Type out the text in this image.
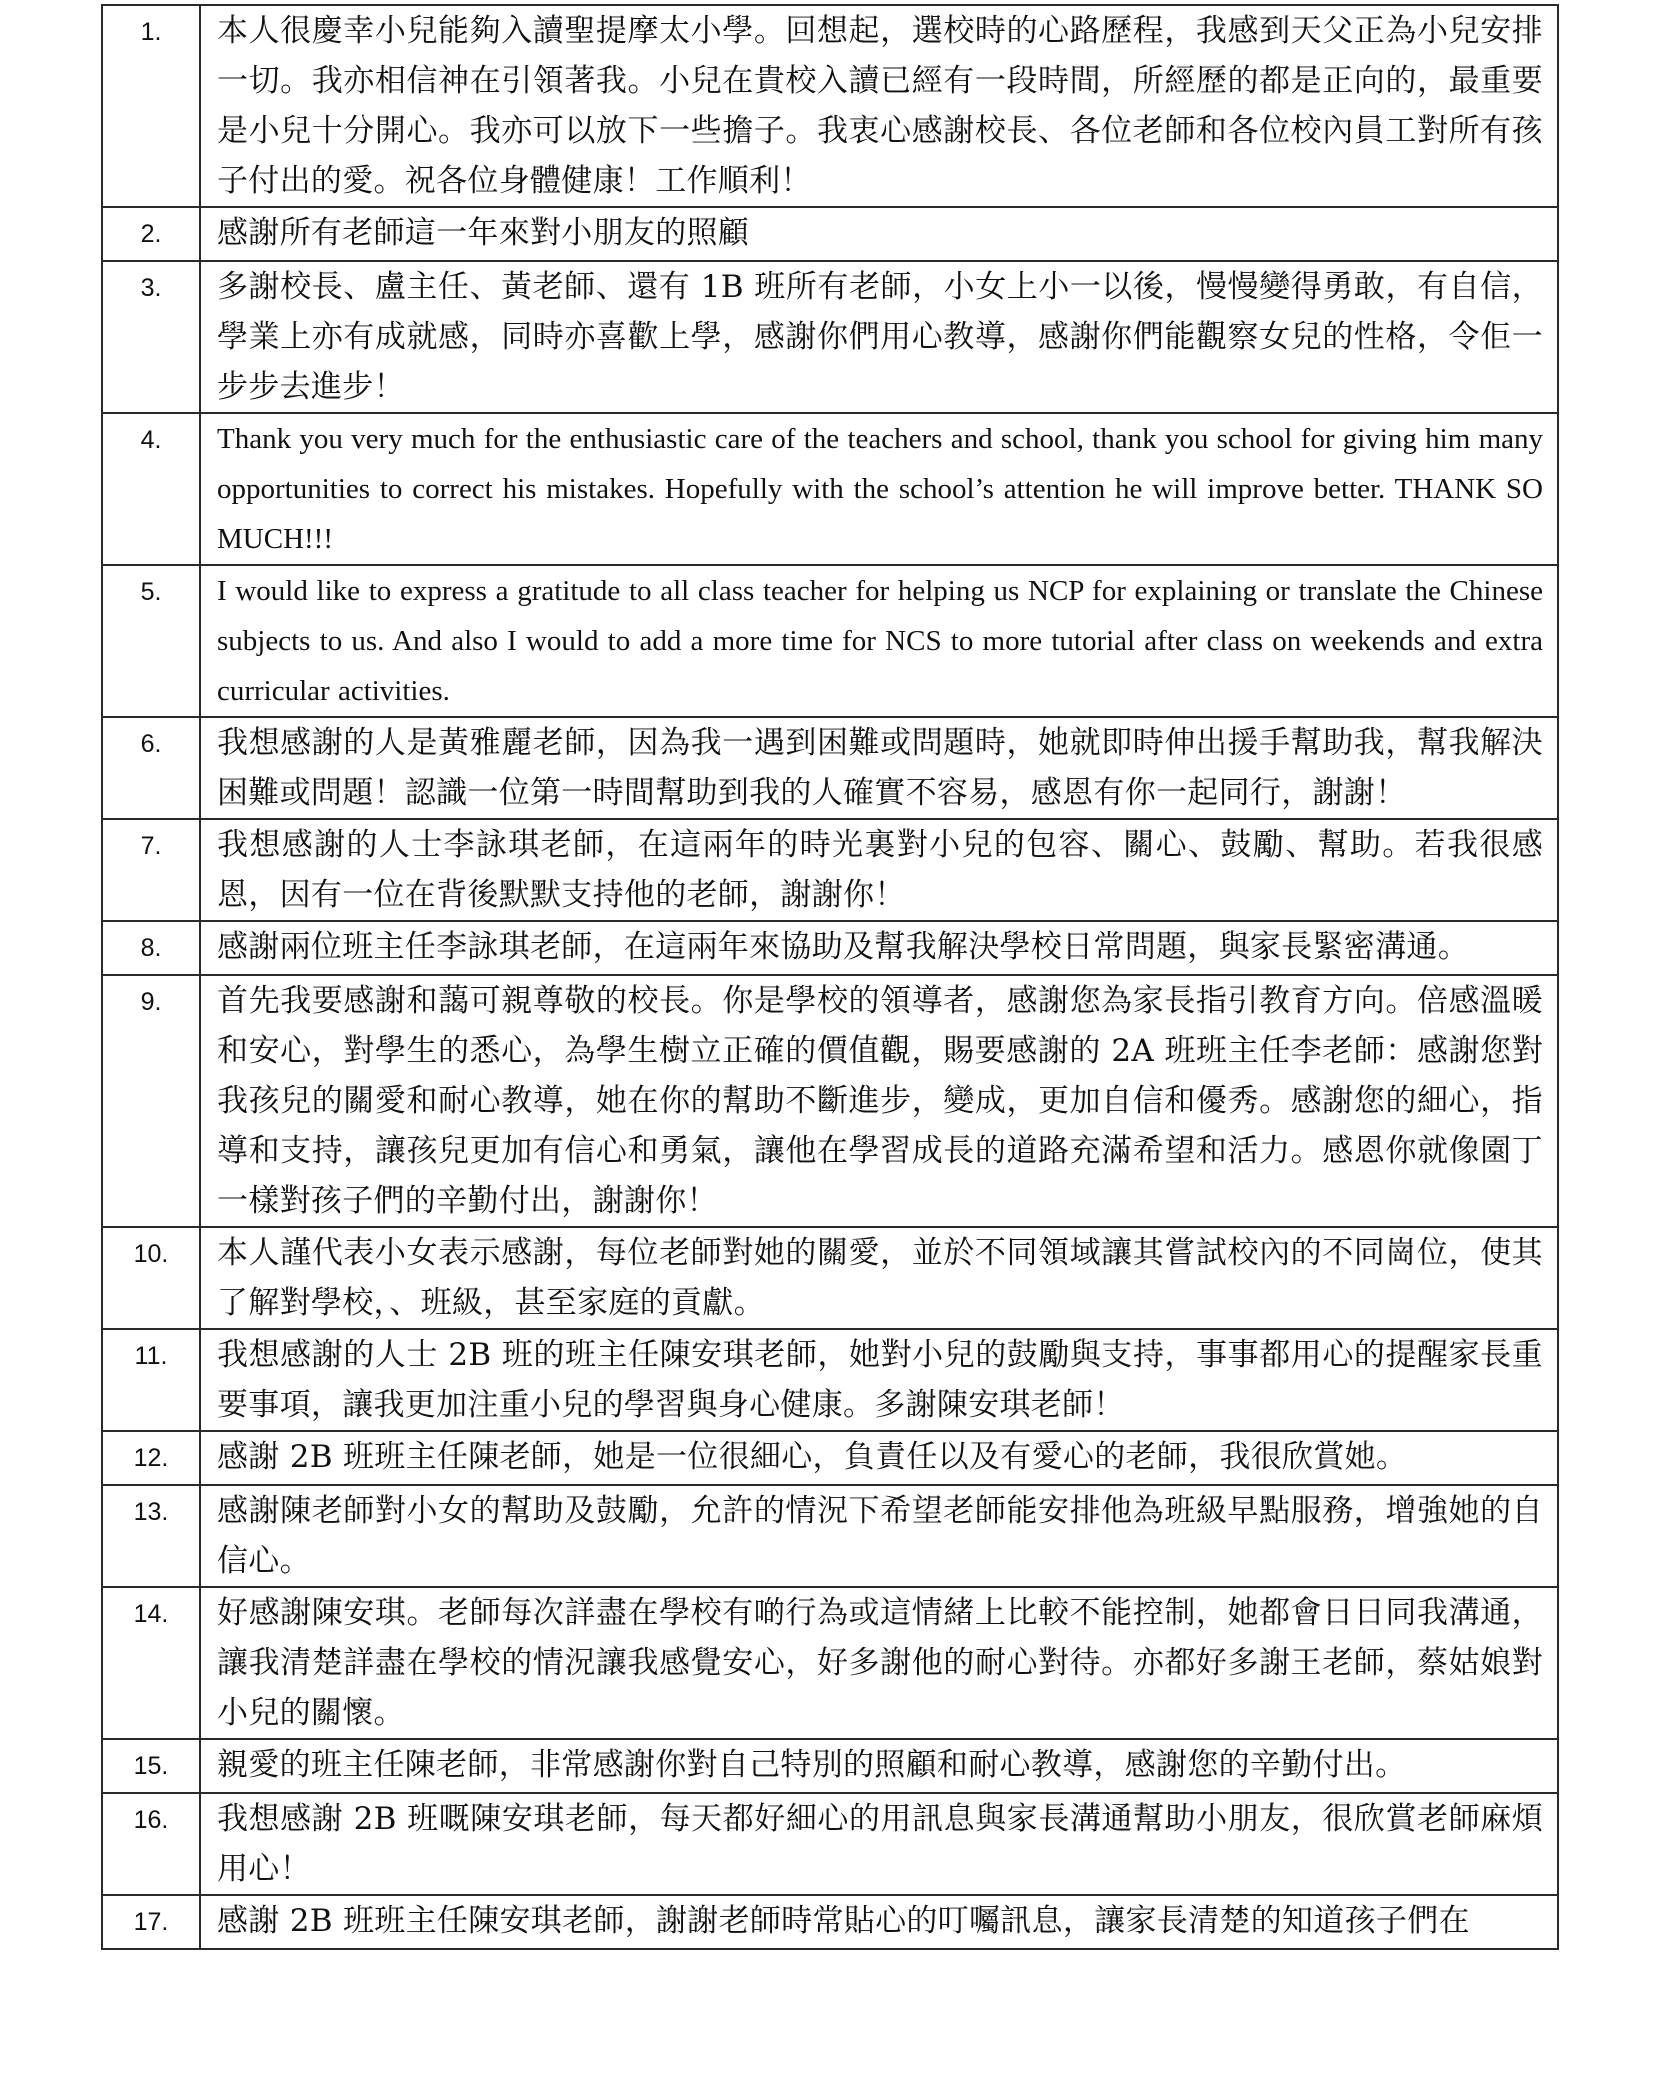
1.	本人很慶幸小兒能夠入讀聖提摩太小學。回想起，選校時的心路歷程，我感到天父正為小兒安排一切。我亦相信神在引領著我。小兒在貴校入讀已經有一段時間，所經歷的都是正向的，最重要是小兒十分開心。我亦可以放下一些擔子。我衷心感謝校長、各位老師和各位校內員工對所有孩子付出的愛。祝各位身體健康！工作順利！
2.	感謝所有老師這一年來對小朋友的照顧
3.	多謝校長、盧主任、黃老師、還有 1B 班所有老師，小女上小一以後，慢慢變得勇敢，有自信，學業上亦有成就感，同時亦喜歡上學，感謝你們用心教導，感謝你們能觀察女兒的性格，令佢一步步去進步！
4.	Thank you very much for the enthusiastic care of the teachers and school, thank you school for giving him many opportunities to correct his mistakes. Hopefully with the school’s attention he will improve better. THANK SO MUCH!!!
5.	I would like to express a gratitude to all class teacher for helping us NCP for explaining or translate the Chinese subjects to us. And also I would to add a more time for NCS to more tutorial after class on weekends and extra curricular activities.
6.	我想感謝的人是黃雅麗老師，因為我一遇到困難或問題時，她就即時伸出援手幫助我，幫我解決困難或問題！認識一位第一時間幫助到我的人確實不容易，感恩有你一起同行，謝謝！
7.	我想感謝的人士李詠琪老師，在這兩年的時光裏對小兒的包容、關心、鼓勵、幫助。若我很感恩，因有一位在背後默默支持他的老師，謝謝你！
8.	感謝兩位班主任李詠琪老師，在這兩年來協助及幫我解決學校日常問題，與家長緊密溝通。
9.	首先我要感謝和藹可親尊敬的校長。你是學校的領導者，感謝您為家長指引教育方向。倍感溫暖和安心，對學生的悉心，為學生樹立正確的價值觀，賜要感謝的 2A 班班主任李老師：感謝您對我孩兒的關愛和耐心教導，她在你的幫助不斷進步，變成，更加自信和優秀。感謝您的細心，指導和支持，讓孩兒更加有信心和勇氣，讓他在學習成長的道路充滿希望和活力。感恩你就像園丁一樣對孩子們的辛勤付出，謝謝你！
10.	本人謹代表小女表示感謝，每位老師對她的關愛，並於不同領域讓其嘗試校內的不同崗位，使其了解對學校，、班級，甚至家庭的貢獻。
11.	我想感謝的人士 2B 班的班主任陳安琪老師，她對小兒的鼓勵與支持，事事都用心的提醒家長重要事項，讓我更加注重小兒的學習與身心健康。多謝陳安琪老師！
12.	感謝 2B 班班主任陳老師，她是一位很細心，負責任以及有愛心的老師，我很欣賞她。
13.	感謝陳老師對小女的幫助及鼓勵，允許的情況下希望老師能安排他為班級早點服務，增強她的自信心。
14.	好感謝陳安琪。老師每次詳盡在學校有啲行為或這情緒上比較不能控制，她都會日日同我溝通，讓我清楚詳盡在學校的情況讓我感覺安心，好多謝他的耐心對待。亦都好多謝王老師，蔡姑娘對小兒的關懷。
15.	親愛的班主任陳老師，非常感謝你對自己特別的照顧和耐心教導，感謝您的辛勤付出。
16.	我想感謝 2B 班嘅陳安琪老師，每天都好細心的用訊息與家長溝通幫助小朋友，很欣賞老師麻煩用心！
17.	感謝 2B 班班主任陳安琪老師，謝謝老師時常貼心的叮囑訊息，讓家長清楚的知道孩子們在
